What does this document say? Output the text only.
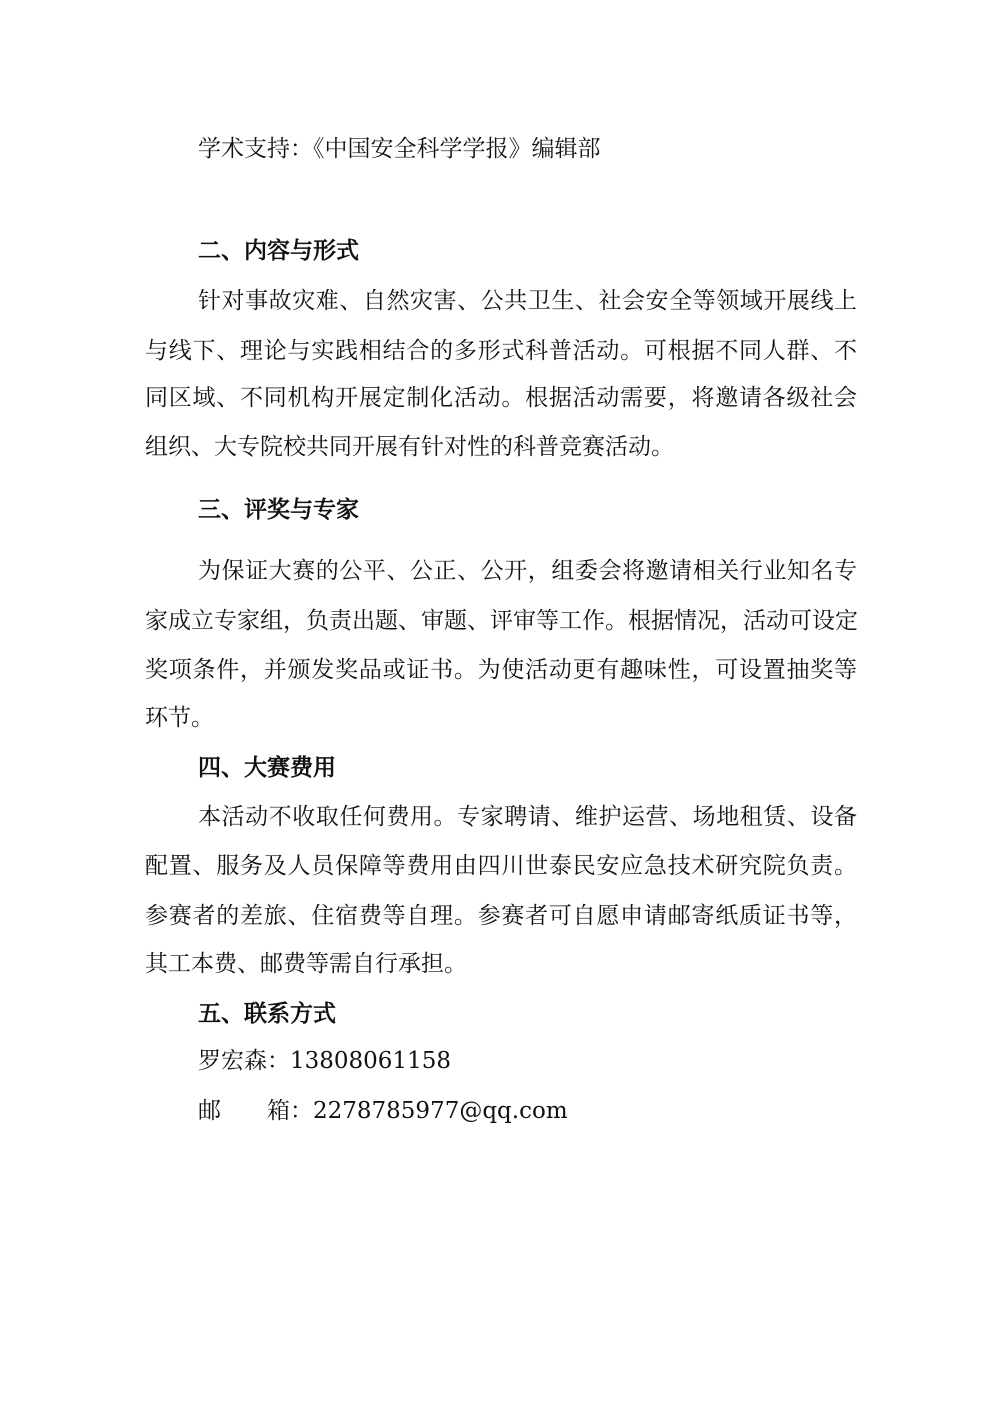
学术支持：《中国安全科学学报》编辑部
二、内容与形式
针对事故灾难、自然灾害、公共卫生、社会安全等领域开展线上
与线下、理论与实践相结合的多形式科普活动。可根据不同人群、不
同区域、不同机构开展定制化活动。根据活动需要，将邀请各级社会
组织、大专院校共同开展有针对性的科普竞赛活动。
三、评奖与专家
为保证大赛的公平、公正、公开，组委会将邀请相关行业知名专
家成立专家组，负责出题、审题、评审等工作。根据情况，活动可设定
奖项条件，并颁发奖品或证书。为使活动更有趣味性，可设置抽奖等
环节。
四、大赛费用
本活动不收取任何费用。专家聘请、维护运营、场地租赁、设备
配置、服务及人员保障等费用由四川世泰民安应急技术研究院负责。
参赛者的差旅、住宿费等自理。参赛者可自愿申请邮寄纸质证书等，
其工本费、邮费等需自行承担。
五、联系方式
罗宏森：13808061158
邮 箱：2278785977@qq.com
